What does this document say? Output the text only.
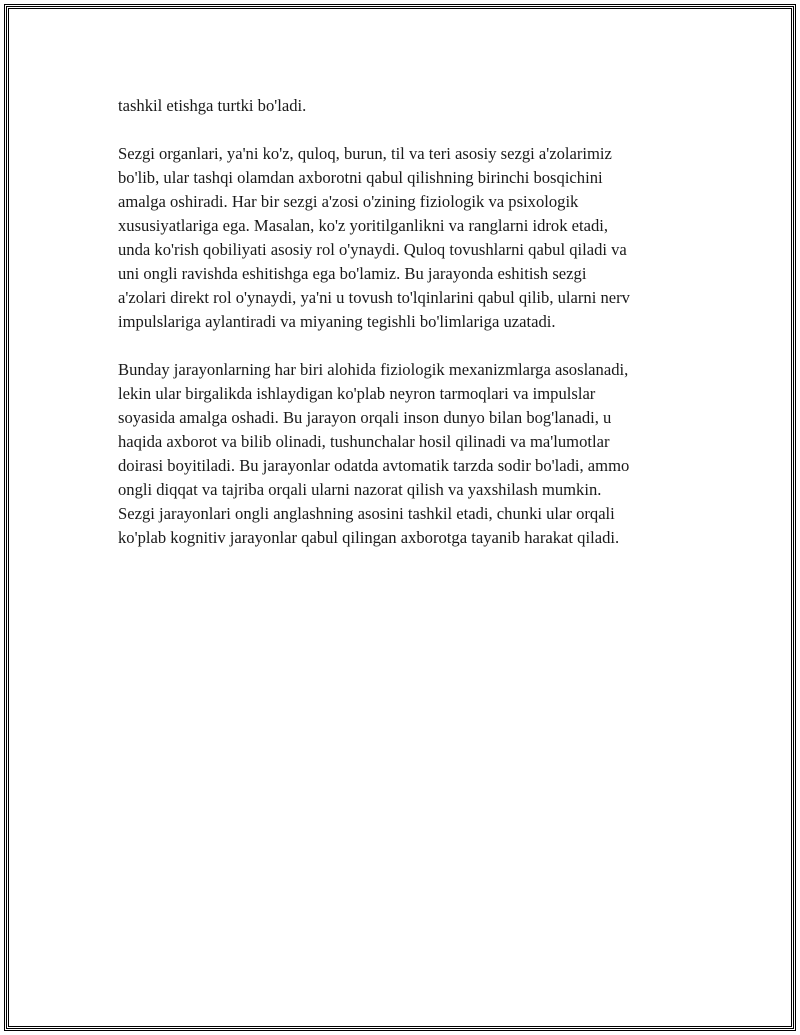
tashkil etishga turtki bo'ladi.

Sezgi organlari, ya'ni ko'z, quloq, burun, til va teri asosiy sezgi a'zolarimiz
bo'lib, ular tashqi olamdan axborotni qabul qilishning birinchi bosqichini
amalga oshiradi. Har bir sezgi a'zosi o'zining fiziologik va psixologik
xususiyatlariga ega. Masalan, ko'z yoritilganlikni va ranglarni idrok etadi,
unda ko'rish qobiliyati asosiy rol o'ynaydi. Quloq tovushlarni qabul qiladi va
uni ongli ravishda eshitishga ega bo'lamiz. Bu jarayonda eshitish sezgi
a'zolari direkt rol o'ynaydi, ya'ni u tovush to'lqinlarini qabul qilib, ularni nerv
impulslariga aylantiradi va miyaning tegishli bo'limlariga uzatadi.

Bunday jarayonlarning har biri alohida fiziologik mexanizmlarga asoslanadi,
lekin ular birgalikda ishlaydigan ko'plab neyron tarmoqlari va impulslar
soyasida amalga oshadi. Bu jarayon orqali inson dunyo bilan bog'lanadi, u
haqida axborot va bilib olinadi, tushunchalar hosil qilinadi va ma'lumotlar
doirasi boyitiladi. Bu jarayonlar odatda avtomatik tarzda sodir bo'ladi, ammo
ongli diqqat va tajriba orqali ularni nazorat qilish va yaxshilash mumkin.
Sezgi jarayonlari ongli anglashning asosini tashkil etadi, chunki ular orqali
ko'plab kognitiv jarayonlar qabul qilingan axborotga tayanib harakat qiladi.
